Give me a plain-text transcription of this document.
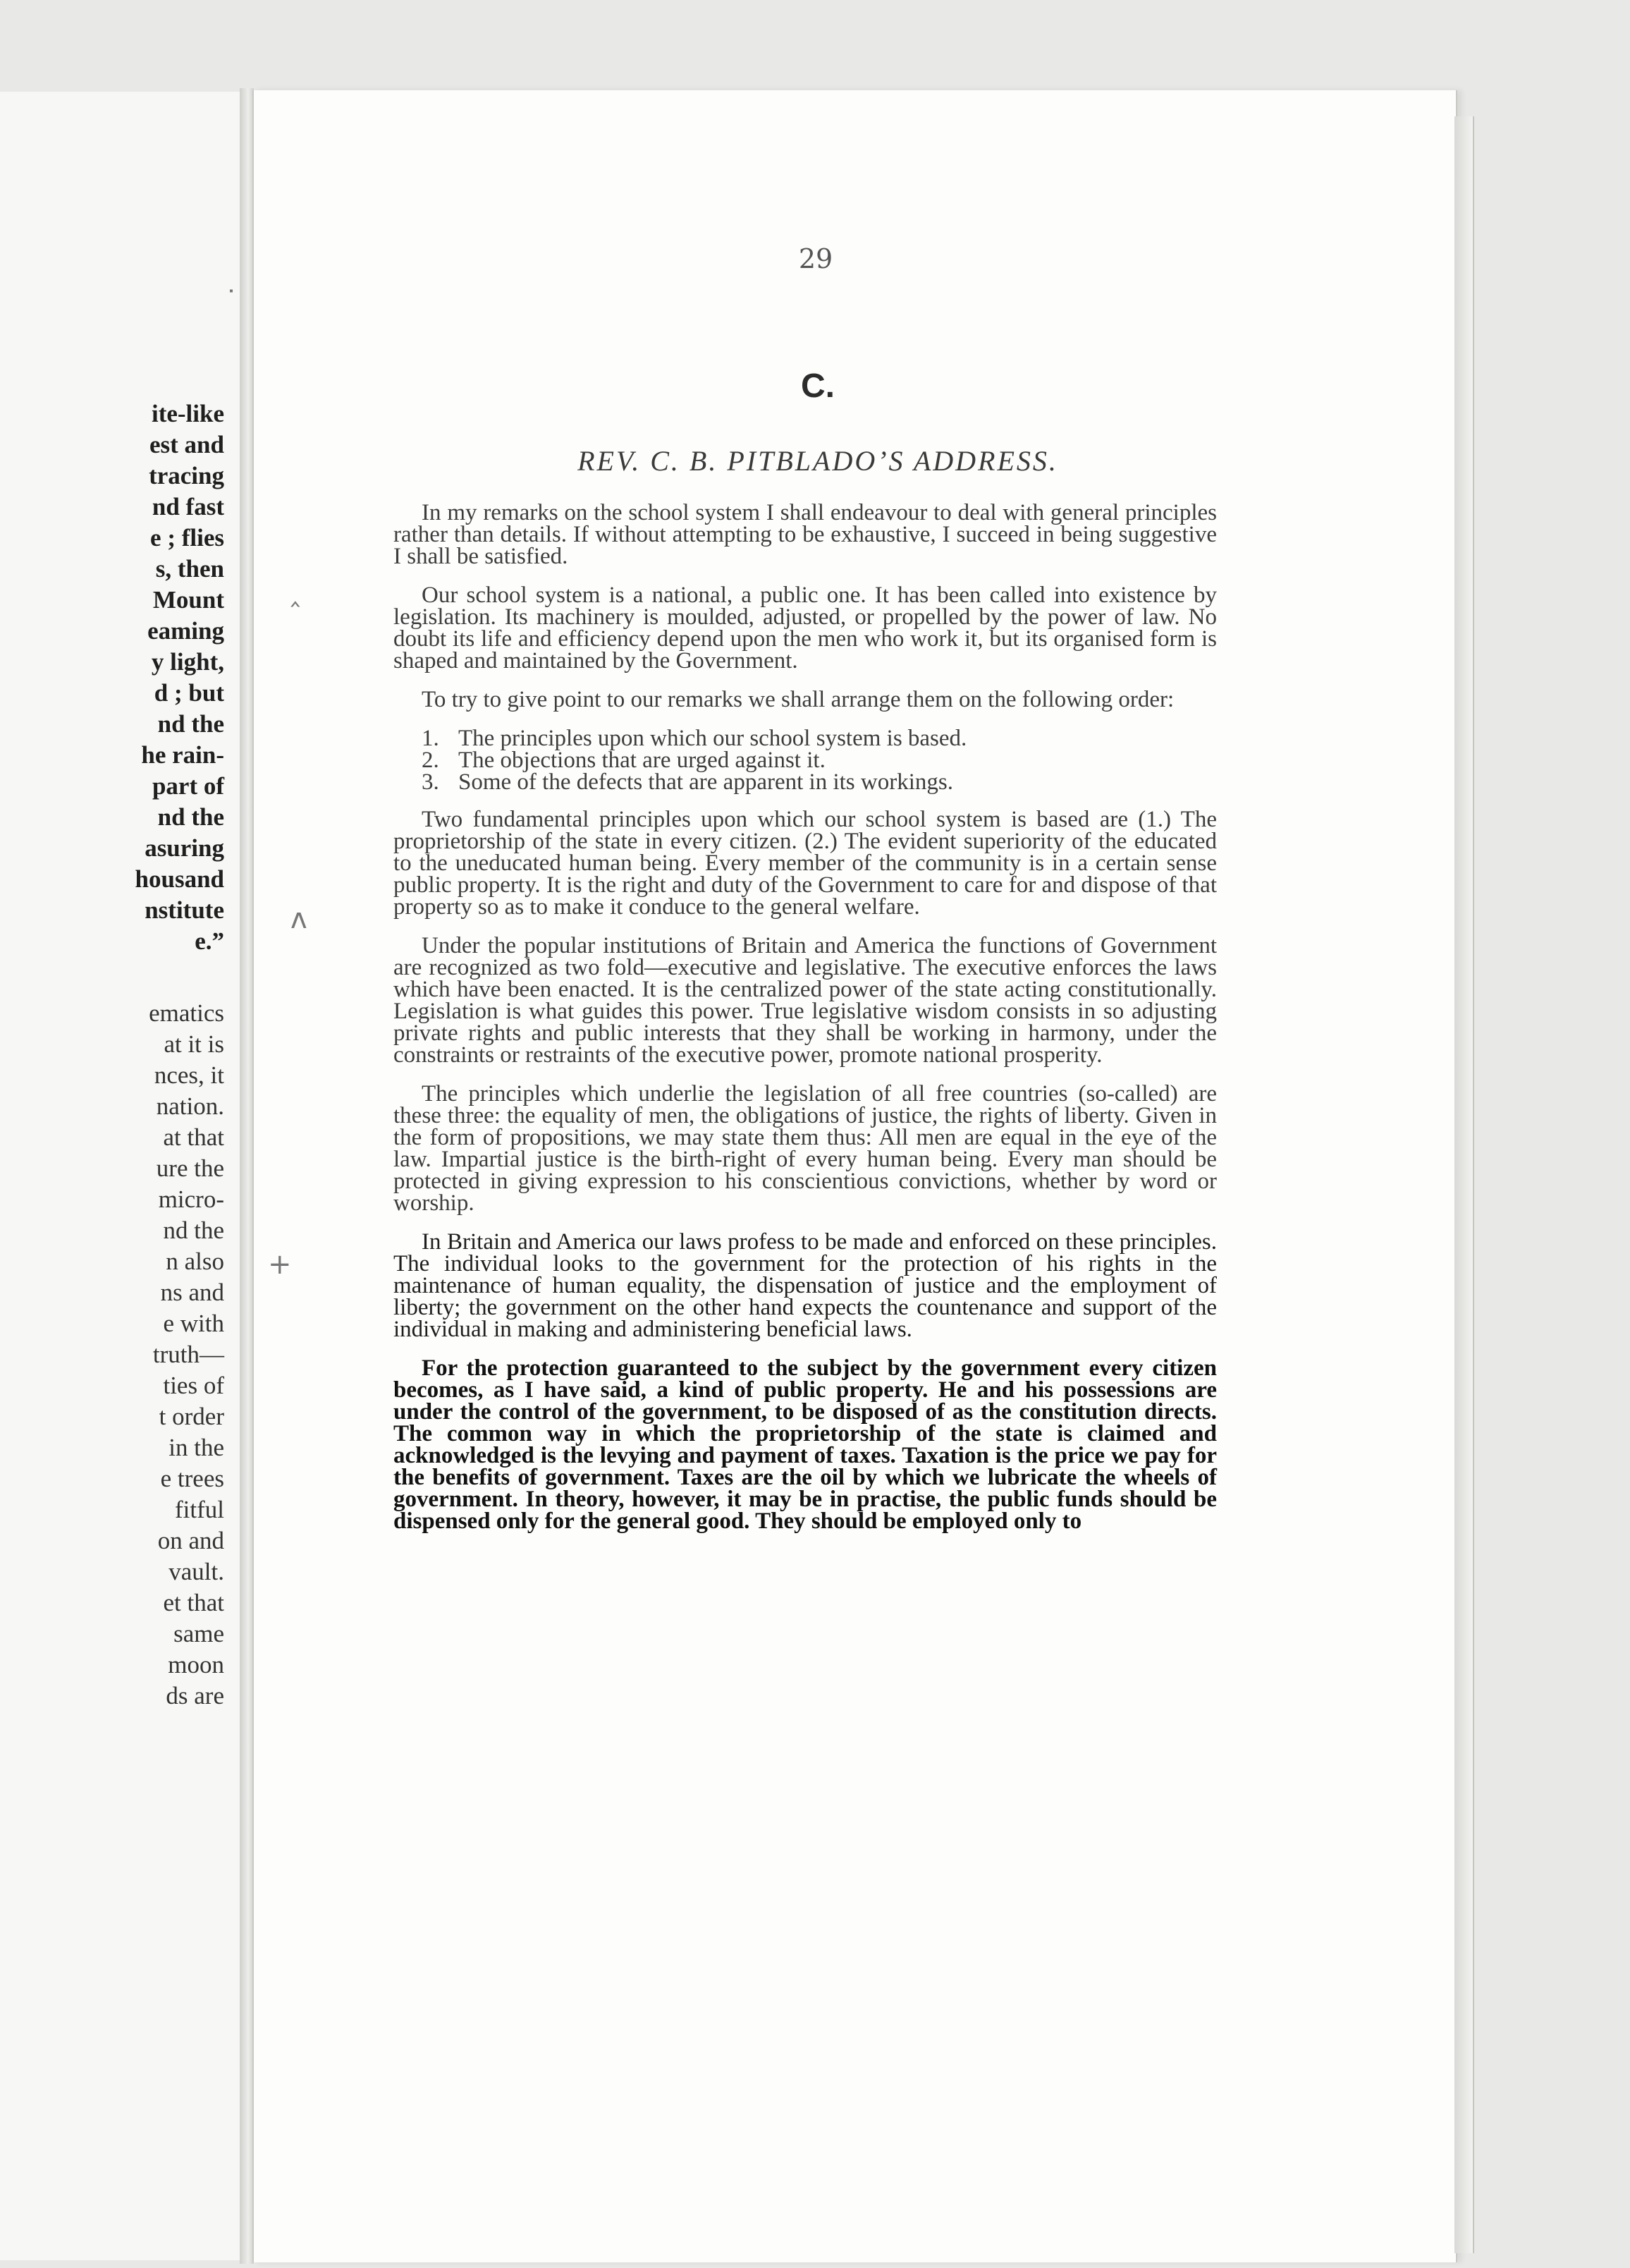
ite-like
est and
tracing
nd fast
e ; flies
s, then
Mount
eaming
y light,
d ; but
nd the
he rain-
part of
nd the
asuring
housand
nstitute
e.”
ematics
at it is
nces, it
nation.
at that
ure the
micro-
nd the
n also
ns and
e with
truth—
ties of
t order
in the
e trees
fitful
on and
vault.
et that
same
moon
ds are
˙
‸
ʌ
+
29
C.
REV. C. B. PITBLADO’S ADDRESS.

In my remarks on the school system I shall endeavour to deal with general principles rather than details. If without attempting to be exhaustive, I succeed in being suggestive I shall be satisfied.

Our school system is a national, a public one. It has been called into existence by legislation. Its machinery is moulded, adjusted, or propelled by the power of law. No doubt its life and efficiency depend upon the men who work it, but its organised form is shaped and maintained by the Government.

To try to give point to our remarks we shall arrange them on the following order:

1. The principles upon which our school system is based.
2. The objections that are urged against it.
3. Some of the defects that are apparent in its workings.

Two fundamental principles upon which our school system is based are (1.) The proprietorship of the state in every citizen. (2.) The evident superiority of the educated to the uneducated human being. Every member of the community is in a certain sense public property. It is the right and duty of the Government to care for and dispose of that property so as to make it conduce to the general welfare.

Under the popular institutions of Britain and America the functions of Government are recognized as two fold—executive and legislative. The executive enforces the laws which have been enacted. It is the centralized power of the state acting constitutionally. Legislation is what guides this power. True legislative wisdom consists in so adjusting private rights and public interests that they shall be working in harmony, under the constraints or restraints of the executive power, promote national prosperity.

The principles which underlie the legislation of all free countries (so-called) are these three: the equality of men, the obligations of justice, the rights of liberty. Given in the form of propositions, we may state them thus: All men are equal in the eye of the law. Impartial justice is the birth-right of every human being. Every man should be protected in giving expression to his conscientious convictions, whether by word or worship.

In Britain and America our laws profess to be made and enforced on these principles. The individual looks to the government for the protection of his rights in the maintenance of human equality, the dispensation of justice and the employment of liberty; the government on the other hand expects the countenance and support of the individual in making and administering beneficial laws.

For the protection guaranteed to the subject by the government every citizen becomes, as I have said, a kind of public property. He and his possessions are under the control of the government, to be disposed of as the constitution directs. The common way in which the proprietorship of the state is claimed and acknowledged is the levying and payment of taxes. Taxation is the price we pay for the benefits of government. Taxes are the oil by which we lubricate the wheels of government. In theory, however, it may be in practise, the public funds should be dispensed only for the general good. They should be employed only to
